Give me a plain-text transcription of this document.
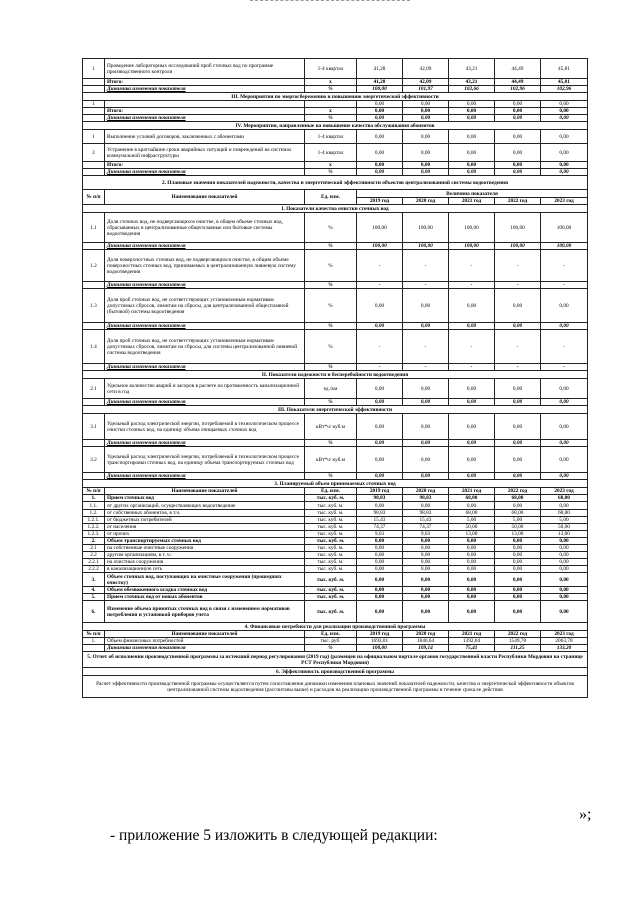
1	Проведение лабораторных исследований проб сточных вод по программе производственного контроля	1-4 квартал	41,28	42,09	43,21	44,49	45,81
	Итого:	х	41,28	42,09	43,21	44,49	45,81
	Динамика изменения показателя	%	100,00	101,97	102,66	102,96	102,96
III. Мероприятия по энергосбережению и повышению энергетической эффективности							
1			0,00	0,00	0,00	0,00	0,00
	Итого:	х	0,00	0,00	0,00	0,00	0,00
	Динамика изменения показателя	%	0,00	0,00	0,00	0,00	0,00
IV. Мероприятия, направленные на повышение качества обслуживания абонентов							
1	Выполнение условий договоров, заключенных с абонентами	1-4 квартал	0,00	0,00	0,00	0,00	0,00
2	Устранение в кратчайшие сроки аварийных ситуаций и повреждений на системах коммунальной инфраструктуры	1-4 квартал	0,00	0,00	0,00	0,00	0,00
	Итого:	х	0,00	0,00	0,00	0,00	0,00
	Динамика изменения показателя	%	0,00	0,00	0,00	0,00	0,00
2. Плановые значения показателей надежности, качества и энергетической эффективности объектов централизованной системы водоотведения							
№ п/п	Наименование показателей	Ед. изм.	Величина показателя				
			2019 год	2020 год	2021 год	2022 год	2023 год
I. Показатели качества очистки сточных вод							
1.1	Доля сточных вод, не подвергающихся очистке, в общем объеме сточных вод, сбрасываемых в централизованные общесплавные или бытовые системы водоотведения	%	100,00	100,00	100,00	100,00	100,00
	Динамика изменения показателя	%	100,00	100,00	100,00	100,00	100,00
1.2	Доля поверхностных сточных вод, не подвергающихся очистке, в общем объеме поверхностных сточных вод, принимаемых в централизованную ливневую систему водоотведения	%	-	-	-	-	-
	Динамика изменения показателя	%	-	-	-	-	-
1.3	Доля проб сточных вод, не соответствующих установленным нормативам допустимых сбросов, лимитам на сбросы, для централизованной общесплавной (бытовой) системы водоотведения	%	0,00	0,00	0,00	0,00	0,00
	Динамика изменения показателя	%	0,00	0,00	0,00	0,00	0,00
1.4	Доля проб сточных вод, не соответствующих установленным нормативам допустимых сбросов, лимитам на сбросы, для системы централизованной ливневой системы водоотведения	%	-	-	-	-	-
	Динамика изменения показателя	%	-	-	-	-	-
II. Показатели надежности и бесперебойности водоотведения							
2.1	Удельное количество аварий и засоров в расчете на протяженность канализационной сети в год	ед./км	0,00	0,00	0,00	0,00	0,00
	Динамика изменения показателя	%	0,00	0,00	0,00	0,00	0,00
III. Показатели энергетической эффективности							
3.1	Удельный расход электрической энергии, потребляемой в технологическом процессе очистки сточных вод, на единицу объема очищаемых сточных вод	кВт*ч/ куб.м	0,00	0,00	0,00	0,00	0,00
	Динамика изменения показателя	%	0,00	0,00	0,00	0,00	0,00
3.2	Удельный расход электрической энергии, потребляемой в технологическом процессе транспортировки сточных вод, на единицу объема транспортируемых сточных вод	кВт*ч/ куб.м	0,00	0,00	0,00	0,00	0,00
	Динамика изменения показателя	%	0,00	0,00	0,00	0,00	0,00
3. Планируемый объем принимаемых сточных вод							
№ п/п	Наименование показателей	Ед. изм.	2019 год	2020 год	2021 год	2022 год	2023 год
1.	Прием сточных вод	тыс. куб. м.	98,83	98,83	68,00	68,00	68,00
1.1.	от других организаций, осуществляющих водоотведение	тыс. куб. м.	0,00	0,00	0,00	0,00	0,00
1.2.	от собственных абонентов, в т.ч.	тыс. куб. м.	98,83	98,83	68,00	68,00	68,00
1.2.1.	от бюджетных потребителей	тыс. куб. м.	15,43	15,43	5,00	5,00	5,00
1.2.2.	от населения	тыс. куб. м.	74,37	74,37	50,00	50,00	50,00
1.2.3.	от прочих	тыс. куб. м.	9,03	9,03	13,00	13,00	13,00
2.	Объем транспортируемых сточных вод	тыс. куб. м.	0,00	0,00	0,00	0,00	0,00
2.1	на собственные очистные сооружения	тыс. куб. м.	0,00	0,00	0,00	0,00	0,00
2.2	другим организациям, в т. ч.:	тыс. куб. м.	0,00	0,00	0,00	0,00	0,00
2.2.1	на очистные сооружения	тыс. куб. м.	0,00	0,00	0,00	0,00	0,00
2.2.2	в канализационную сеть	тыс. куб. м.	0,00	0,00	0,00	0,00	0,00
3.	Объем сточных вод, поступающих на очистные сооружения (прошедших очистку)	тыс. куб. м.	0,00	0,00	0,00	0,00	0,00
4.	Объем обезвоженного осадка сточных вод	тыс. куб. м.	0,00	0,00	0,00	0,00	0,00
5.	Прием сточных вод от новых абонентов	тыс. куб. м.	0,00	0,00	0,00	0,00	0,00
6.	Изменение объема принятых сточных вод в связи с изменением нормативов потребления и установкой приборов учета	тыс. куб. м.	0,00	0,00	0,00	0,00	0,00
4. Финансовые потребности для реализации производственной программы							
№ п/п	Наименование показателей	Ед. изм.	2019 год	2020 год	2021 год	2022 год	2023 год
1.	Объем финансовых потребностей	тыс. руб.	1692,01	1846,64	1392,64	1549,78	2063,78
	Динамика изменения показателя	%	100,00	109,14	75,41	111,25	133,20
5. Отчет об исполнении производственной программы за истекший период регулирования (2019 год) (размещен на официальном портале органов государственной власти Республики Мордовия на странице РСТ Республики Мордовия)							
6. Эффективность производственной программы							
Расчет эффективности производственной программы осуществляется путем сопоставления динамики изменения плановых значений показателей надежности, качества и энергетической эффективности объектов централизованной системы водоотведения (рассчитаны выше) и расходов на реализацию производственной программы в течение срока ее действия							
»;
- приложение 5 изложить в следующей редакции:
